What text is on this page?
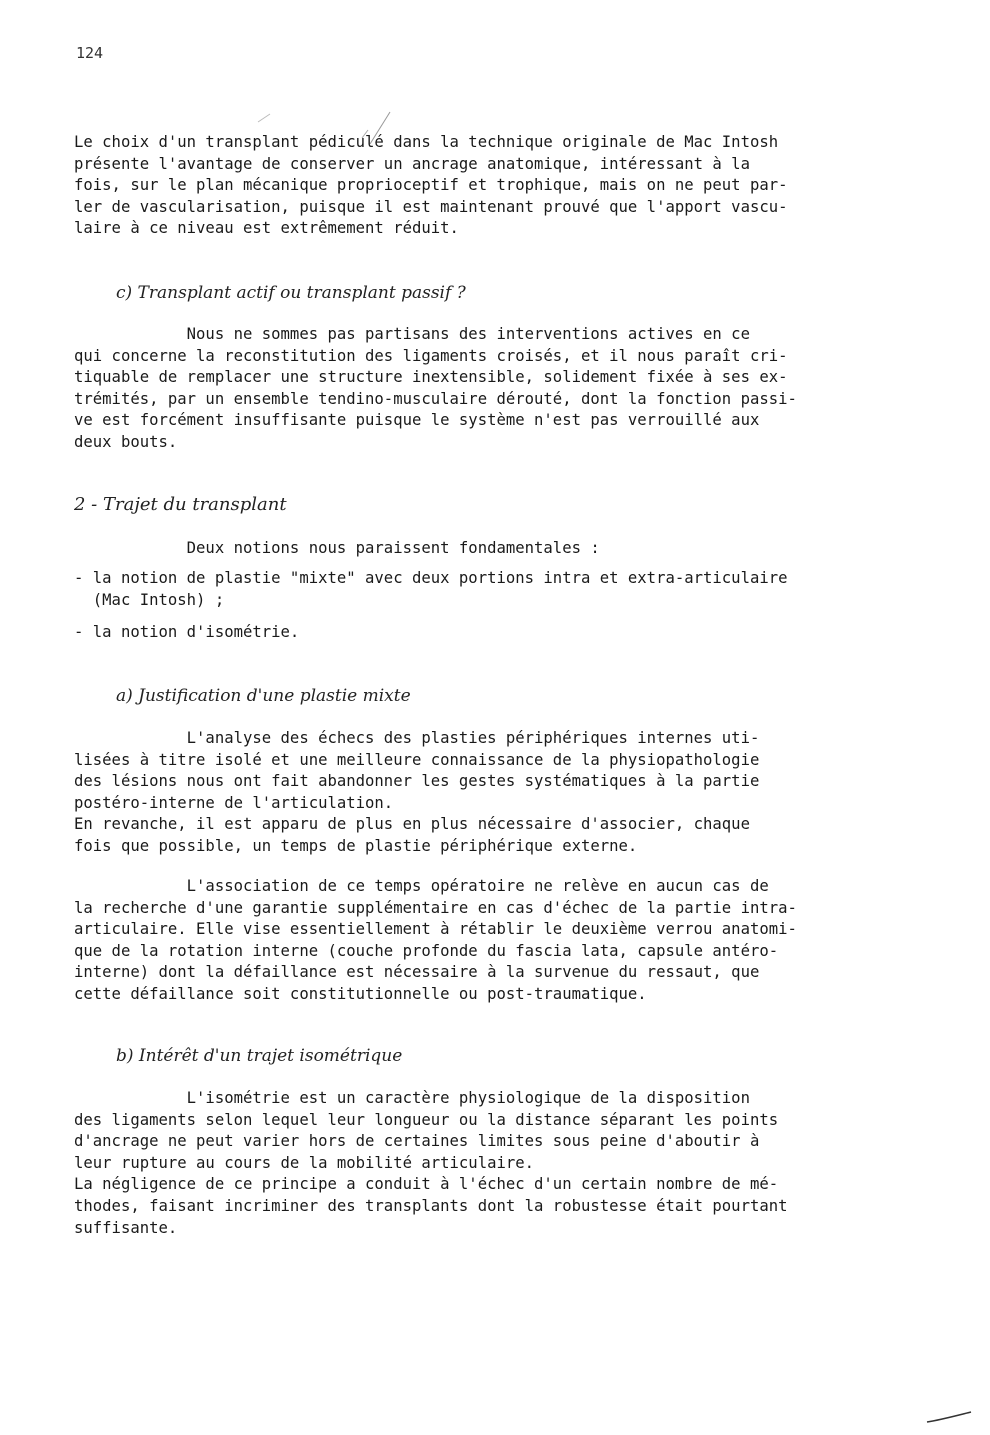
124
Le choix d'un transplant pédiculé dans la technique originale de Mac Intosh
présente l'avantage de conserver un ancrage anatomique, intéressant à la
fois, sur le plan mécanique proprioceptif et trophique, mais on ne peut par-
ler de vascularisation, puisque il est maintenant prouvé que l'apport vascu-
laire à ce niveau est extrêmement réduit.
c) Transplant actif ou transplant passif ?
Nous ne sommes pas partisans des interventions actives en ce
qui concerne la reconstitution des ligaments croisés, et il nous paraît cri-
tiquable de remplacer une structure inextensible, solidement fixée à ses ex-
trémités, par un ensemble tendino-musculaire dérouté, dont la fonction passi-
ve est forcément insuffisante puisque le système n'est pas verrouillé aux
deux bouts.
2 - Trajet du transplant
Deux notions nous paraissent fondamentales :
- la notion de plastie "mixte" avec deux portions intra et extra-articulaire
(Mac Intosh) ;
- la notion d'isométrie.
a) Justification d'une plastie mixte
L'analyse des échecs des plasties périphériques internes uti-
lisées à titre isolé et une meilleure connaissance de la physiopathologie
des lésions nous ont fait abandonner les gestes systématiques à la partie
postéro-interne de l'articulation.
En revanche, il est apparu de plus en plus nécessaire d'associer, chaque
fois que possible, un temps de plastie périphérique externe.
L'association de ce temps opératoire ne relève en aucun cas de
la recherche d'une garantie supplémentaire en cas d'échec de la partie intra-
articulaire. Elle vise essentiellement à rétablir le deuxième verrou anatomi-
que de la rotation interne (couche profonde du fascia lata, capsule antéro-
interne) dont la défaillance est nécessaire à la survenue du ressaut, que
cette défaillance soit constitutionnelle ou post-traumatique.
b) Intérêt d'un trajet isométrique
L'isométrie est un caractère physiologique de la disposition
des ligaments selon lequel leur longueur ou la distance séparant les points
d'ancrage ne peut varier hors de certaines limites sous peine d'aboutir à
leur rupture au cours de la mobilité articulaire.
La négligence de ce principe a conduit à l'échec d'un certain nombre de mé-
thodes, faisant incriminer des transplants dont la robustesse était pourtant
suffisante.
